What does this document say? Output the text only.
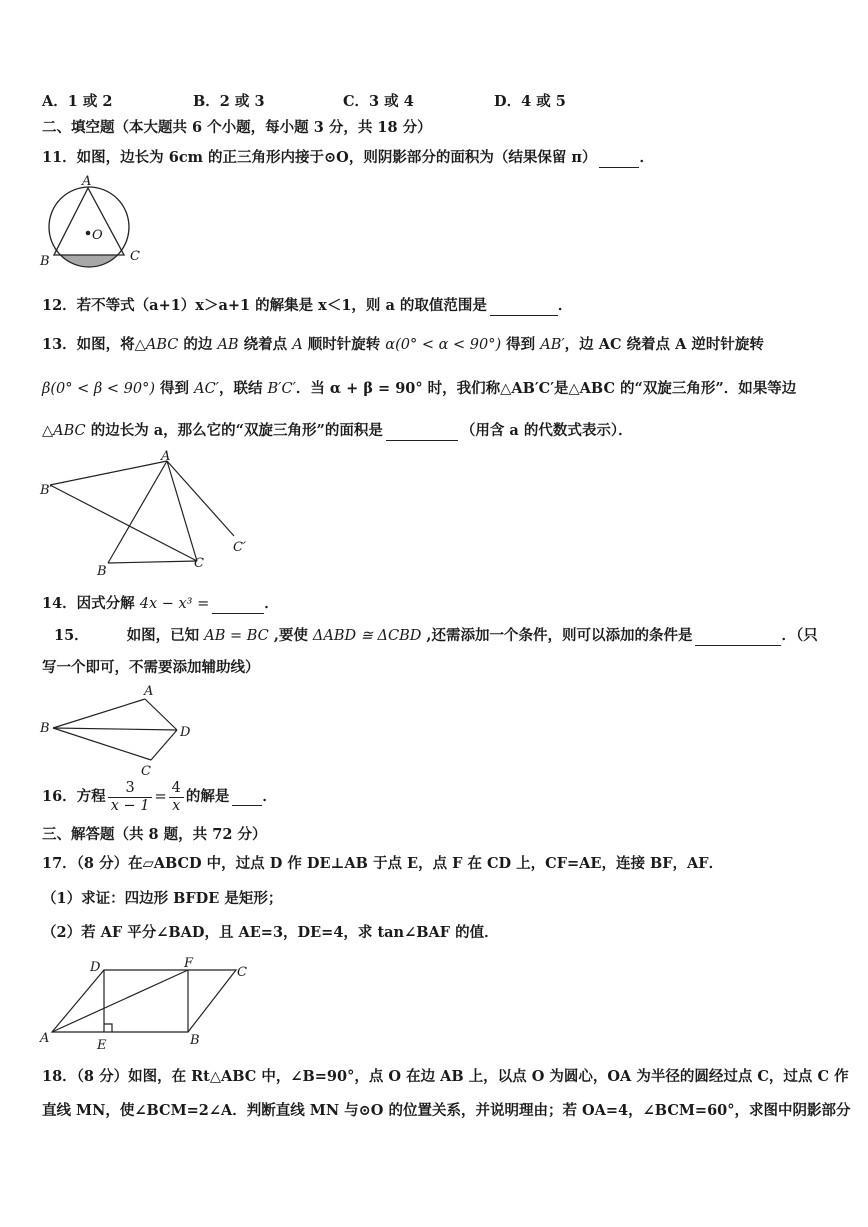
A．1 或 2	B．2 或 3	C．3 或 4	D．4 或 5
二、填空题（本大题共 6 个小题，每小题 3 分，共 18 分）
11．如图，边长为 6cm 的正三角形内接于⊙O，则阴影部分的面积为（结果保留 π）	．
A
B	C
O
12．若不等式（a+1）x＞a+1 的解集是 x＜1，则 a 的取值范围是	．
13．如图，将△ABC 的边 AB 绕着点 A 顺时针旋转 α(0° < α < 90°) 得到 AB′，边 AC 绕着点 A 逆时针旋转
β(0° < β < 90°) 得到 AC′，联结 B′C′．当 α + β = 90° 时，我们称△AB′C′是△ABC 的“双旋三角形”．如果等边
△ABC 的边长为 a，那么它的“双旋三角形”的面积是	（用含 a 的代数式表示）．
A
B′
B
C
C′
14．因式分解 4x − x³ =	．
15．	如图，已知 AB = BC ,要使 ΔABD ≅ ΔCBD ,还需添加一个条件，则可以添加的条件是	．（只
写一个即可，不需要添加辅助线）
A
B	D
C
16．方程 $\frac{3}{x - 1} = \frac{4}{x}$ 的解是 ．
三、解答题（共 8 题，共 72 分）
17．（8 分）在▱ABCD 中，过点 D 作 DE⊥AB 于点 E，点 F 在 CD 上，CF=AE，连接 BF，AF．
（1）求证：四边形 BFDE 是矩形；
（2）若 AF 平分∠BAD，且 AE=3，DE=4，求 tan∠BAF 的值．
A	B
C
D
E
F
18．（8 分）如图，在 Rt△ABC 中，∠B=90°，点 O 在边 AB 上，以点 O 为圆心，OA 为半径的圆经过点 C，过点 C 作
直线 MN，使∠BCM=2∠A．判断直线 MN 与⊙O 的位置关系，并说明理由；若 OA=4，∠BCM=60°，求图中阴影部分
